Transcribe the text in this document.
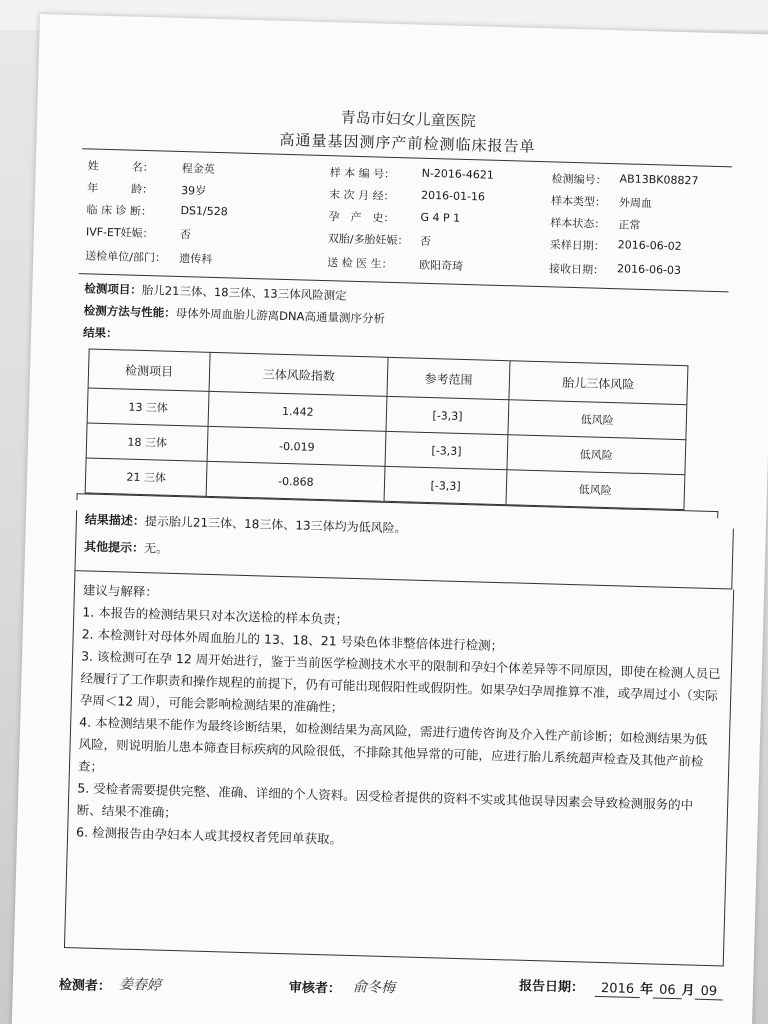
青岛市妇女儿童医院
高通量基因测序产前检测临床报告单
姓　　　名：	程金英	样 本 编 号： N-2016-4621	检测编号： AB13BK08827
年　　　龄：	39岁	末 次 月 经： 2016-01-16	样本类型： 外周血
临 床 诊 断：	DS1/528	孕　产　史： G 4 P 1	样本状态： 正常
IVF-ET妊娠： 否	双胎/多胎妊娠： 否	采样日期： 2016-06-02
送检单位/部门： 遗传科	送 检 医 生： 欧阳奇琦	接收日期： 2016-06-03
检测项目：胎儿21三体、18三体、13三体风险测定
检测方法与性能：母体外周血胎儿游离DNA高通量测序分析
结果：
检测项目	三体风险指数	参考范围	胎儿三体风险
13 三体	1.442	[-3,3]	低风险
18 三体	-0.019	[-3,3]	低风险
21 三体	-0.868	[-3,3]	低风险

结果描述：提示胎儿21三体、18三体、13三体均为低风险。

其他提示：无。

建议与解释：

1. 本报告的检测结果只对本次送检的样本负责；

2. 本检测针对母体外周血胎儿的 13、18、21 号染色体非整倍体进行检测；

3. 该检测可在孕 12 周开始进行，鉴于当前医学检测技术水平的限制和孕妇个体差异等不同原因，即使在检测人员已经履行了工作职责和操作规程的前提下，仍有可能出现假阳性或假阴性。如果孕妇孕周推算不准，或孕周过小（实际孕周＜12 周），可能会影响检测结果的准确性；

4. 本检测结果不能作为最终诊断结果，如检测结果为高风险，需进行遗传咨询及介入性产前诊断；如检测结果为低风险，则说明胎儿患本筛查目标疾病的风险很低，不排除其他异常的可能，应进行胎儿系统超声检查及其他产前检查；

5. 受检者需要提供完整、准确、详细的个人资料。因受检者提供的资料不实或其他误导因素会导致检测服务的中断、结果不准确；

6. 检测报告由孕妇本人或其授权者凭回单获取。

检测者： 姜春婷	审核者： 俞冬梅	报告日期：	2016 年 06 月 09
